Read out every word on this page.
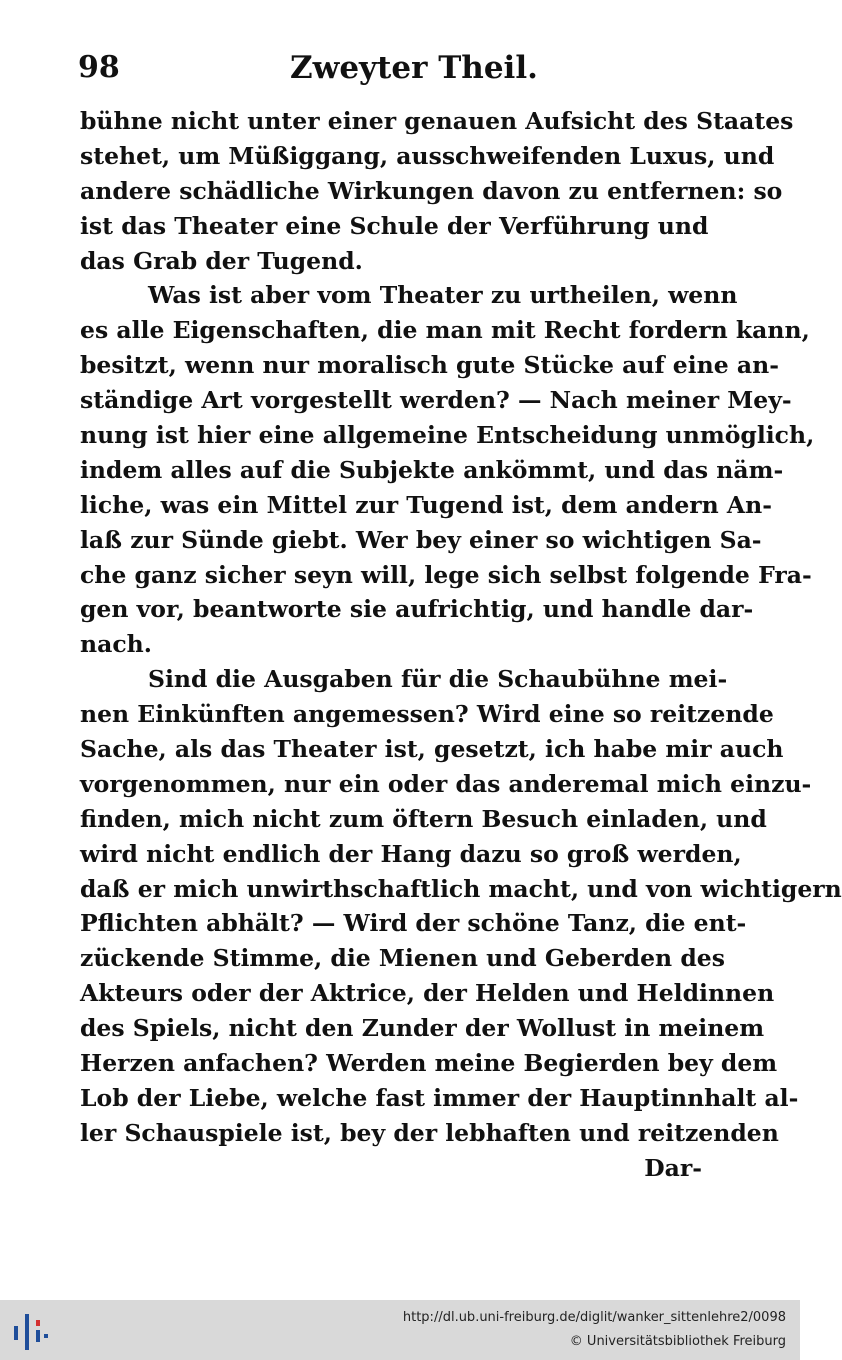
98	Zweyter Theil.
bühne nicht unter einer genauen Aufsicht des Staates
stehet, um Müßiggang, ausschweifenden Luxus, und
andere schädliche Wirkungen davon zu entfernen: so
ist das Theater eine Schule der Verführung und
das Grab der Tugend.
Was ist aber vom Theater zu urtheilen, wenn
es alle Eigenschaften, die man mit Recht fordern kann,
besitzt, wenn nur moralisch gute Stücke auf eine an-
ständige Art vorgestellt werden? — Nach meiner Mey-
nung ist hier eine allgemeine Entscheidung unmöglich,
indem alles auf die Subjekte ankömmt, und das näm-
liche, was ein Mittel zur Tugend ist, dem andern An-
laß zur Sünde giebt. Wer bey einer so wichtigen Sa-
che ganz sicher seyn will, lege sich selbst folgende Fra-
gen vor, beantworte sie aufrichtig, und handle dar-
nach.
Sind die Ausgaben für die Schaubühne mei-
nen Einkünften angemessen? Wird eine so reitzende
Sache, als das Theater ist, gesetzt, ich habe mir auch
vorgenommen, nur ein oder das anderemal mich einzu-
finden, mich nicht zum öftern Besuch einladen, und
wird nicht endlich der Hang dazu so groß werden,
daß er mich unwirthschaftlich macht, und von wichtigern
Pflichten abhält? — Wird der schöne Tanz, die ent-
zückende Stimme, die Mienen und Geberden des
Akteurs oder der Aktrice, der Helden und Heldinnen
des Spiels, nicht den Zunder der Wollust in meinem
Herzen anfachen? Werden meine Begierden bey dem
Lob der Liebe, welche fast immer der Hauptinnhalt al-
ler Schauspiele ist, bey der lebhaften und reitzenden
Dar-
http://dl.ub.uni-freiburg.de/diglit/wanker_sittenlehre2/0098
© Universitätsbibliothek Freiburg
